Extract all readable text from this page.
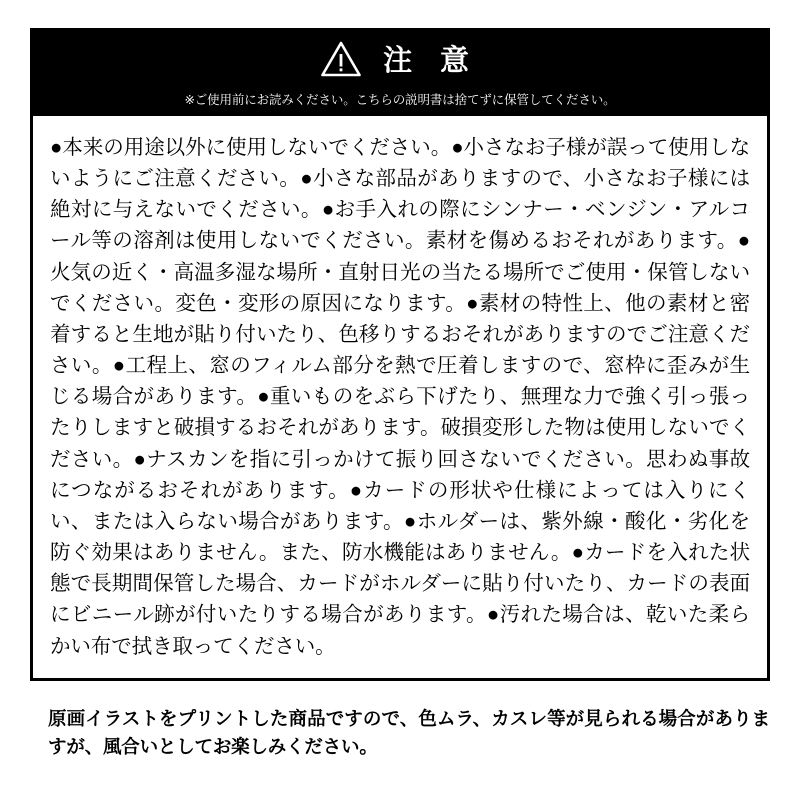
注 意
※ご使用前にお読みください。こちらの説明書は捨てずに保管してください。
●本来の用途以外に使用しないでください。●小さなお子様が誤って使用しないようにご注意ください。●小さな部品がありますので、小さなお子様には絶対に与えないでください。●お手入れの際にシンナー・ベンジン・アルコール等の溶剤は使用しないでください。素材を傷めるおそれがあります。●火気の近く・高温多湿な場所・直射日光の当たる場所でご使用・保管しないでください。変色・変形の原因になります。●素材の特性上、他の素材と密着すると生地が貼り付いたり、色移りするおそれがありますのでご注意ください。●工程上、窓のフィルム部分を熱で圧着しますので、窓枠に歪みが生じる場合があります。●重いものをぶら下げたり、無理な力で強く引っ張ったりしますと破損するおそれがあります。破損変形した物は使用しないでください。●ナスカンを指に引っかけて振り回さないでください。思わぬ事故につながるおそれがあります。●カードの形状や仕様によっては入りにくい、または入らない場合があります。●ホルダーは、紫外線・酸化・劣化を防ぐ効果はありません。また、防水機能はありません。●カードを入れた状態で長期間保管した場合、カードがホルダーに貼り付いたり、カードの表面にビニール跡が付いたりする場合があります。●汚れた場合は、乾いた柔らかい布で拭き取ってください。
原画イラストをプリントした商品ですので、色ムラ、カスレ等が見られる場合がありますが、風合いとしてお楽しみください。
